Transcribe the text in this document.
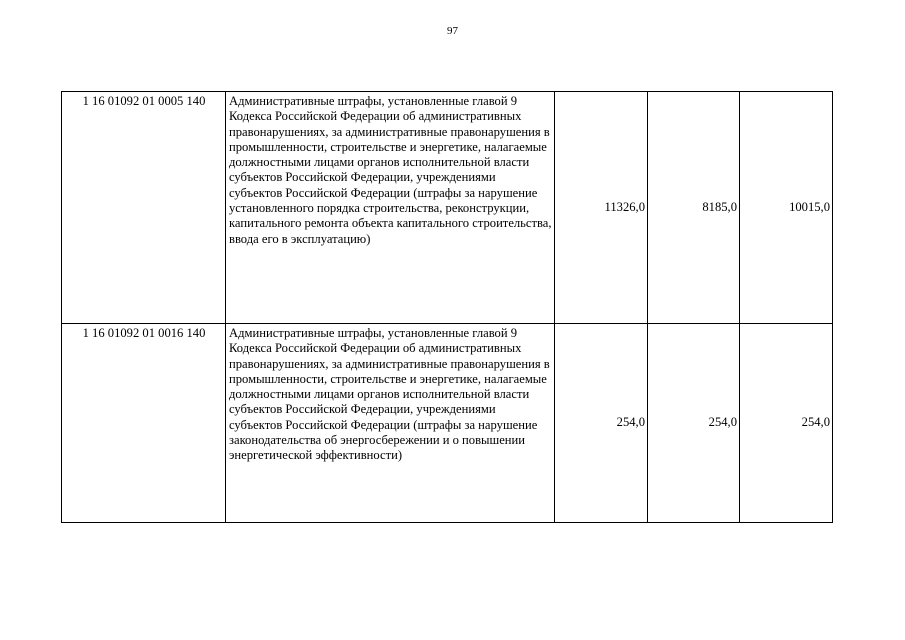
97
1 16 01092 01 0005 140	Административные штрафы, установленные главой 9 Кодекса Российской Федерации об административных правонарушениях, за административные правонарушения в промышленности, строительстве и энергетике, налагаемые должностными лицами органов исполнительной власти субъектов Российской Федерации, учреждениями субъектов Российской Федерации (штрафы за нарушение установленного порядка строительства, реконструкции, капитального ремонта объекта капитального строительства, ввода его в эксплуатацию)	11326,0	8185,0	10015,0
1 16 01092 01 0016 140	Административные штрафы, установленные главой 9 Кодекса Российской Федерации об административных правонарушениях, за административные правонарушения в промышленности, строительстве и энергетике, налагаемые должностными лицами органов исполнительной власти субъектов Российской Федерации, учреждениями субъектов Российской Федерации (штрафы за нарушение законодательства об энергосбережении и о повышении энергетической эффективности)	254,0	254,0	254,0
